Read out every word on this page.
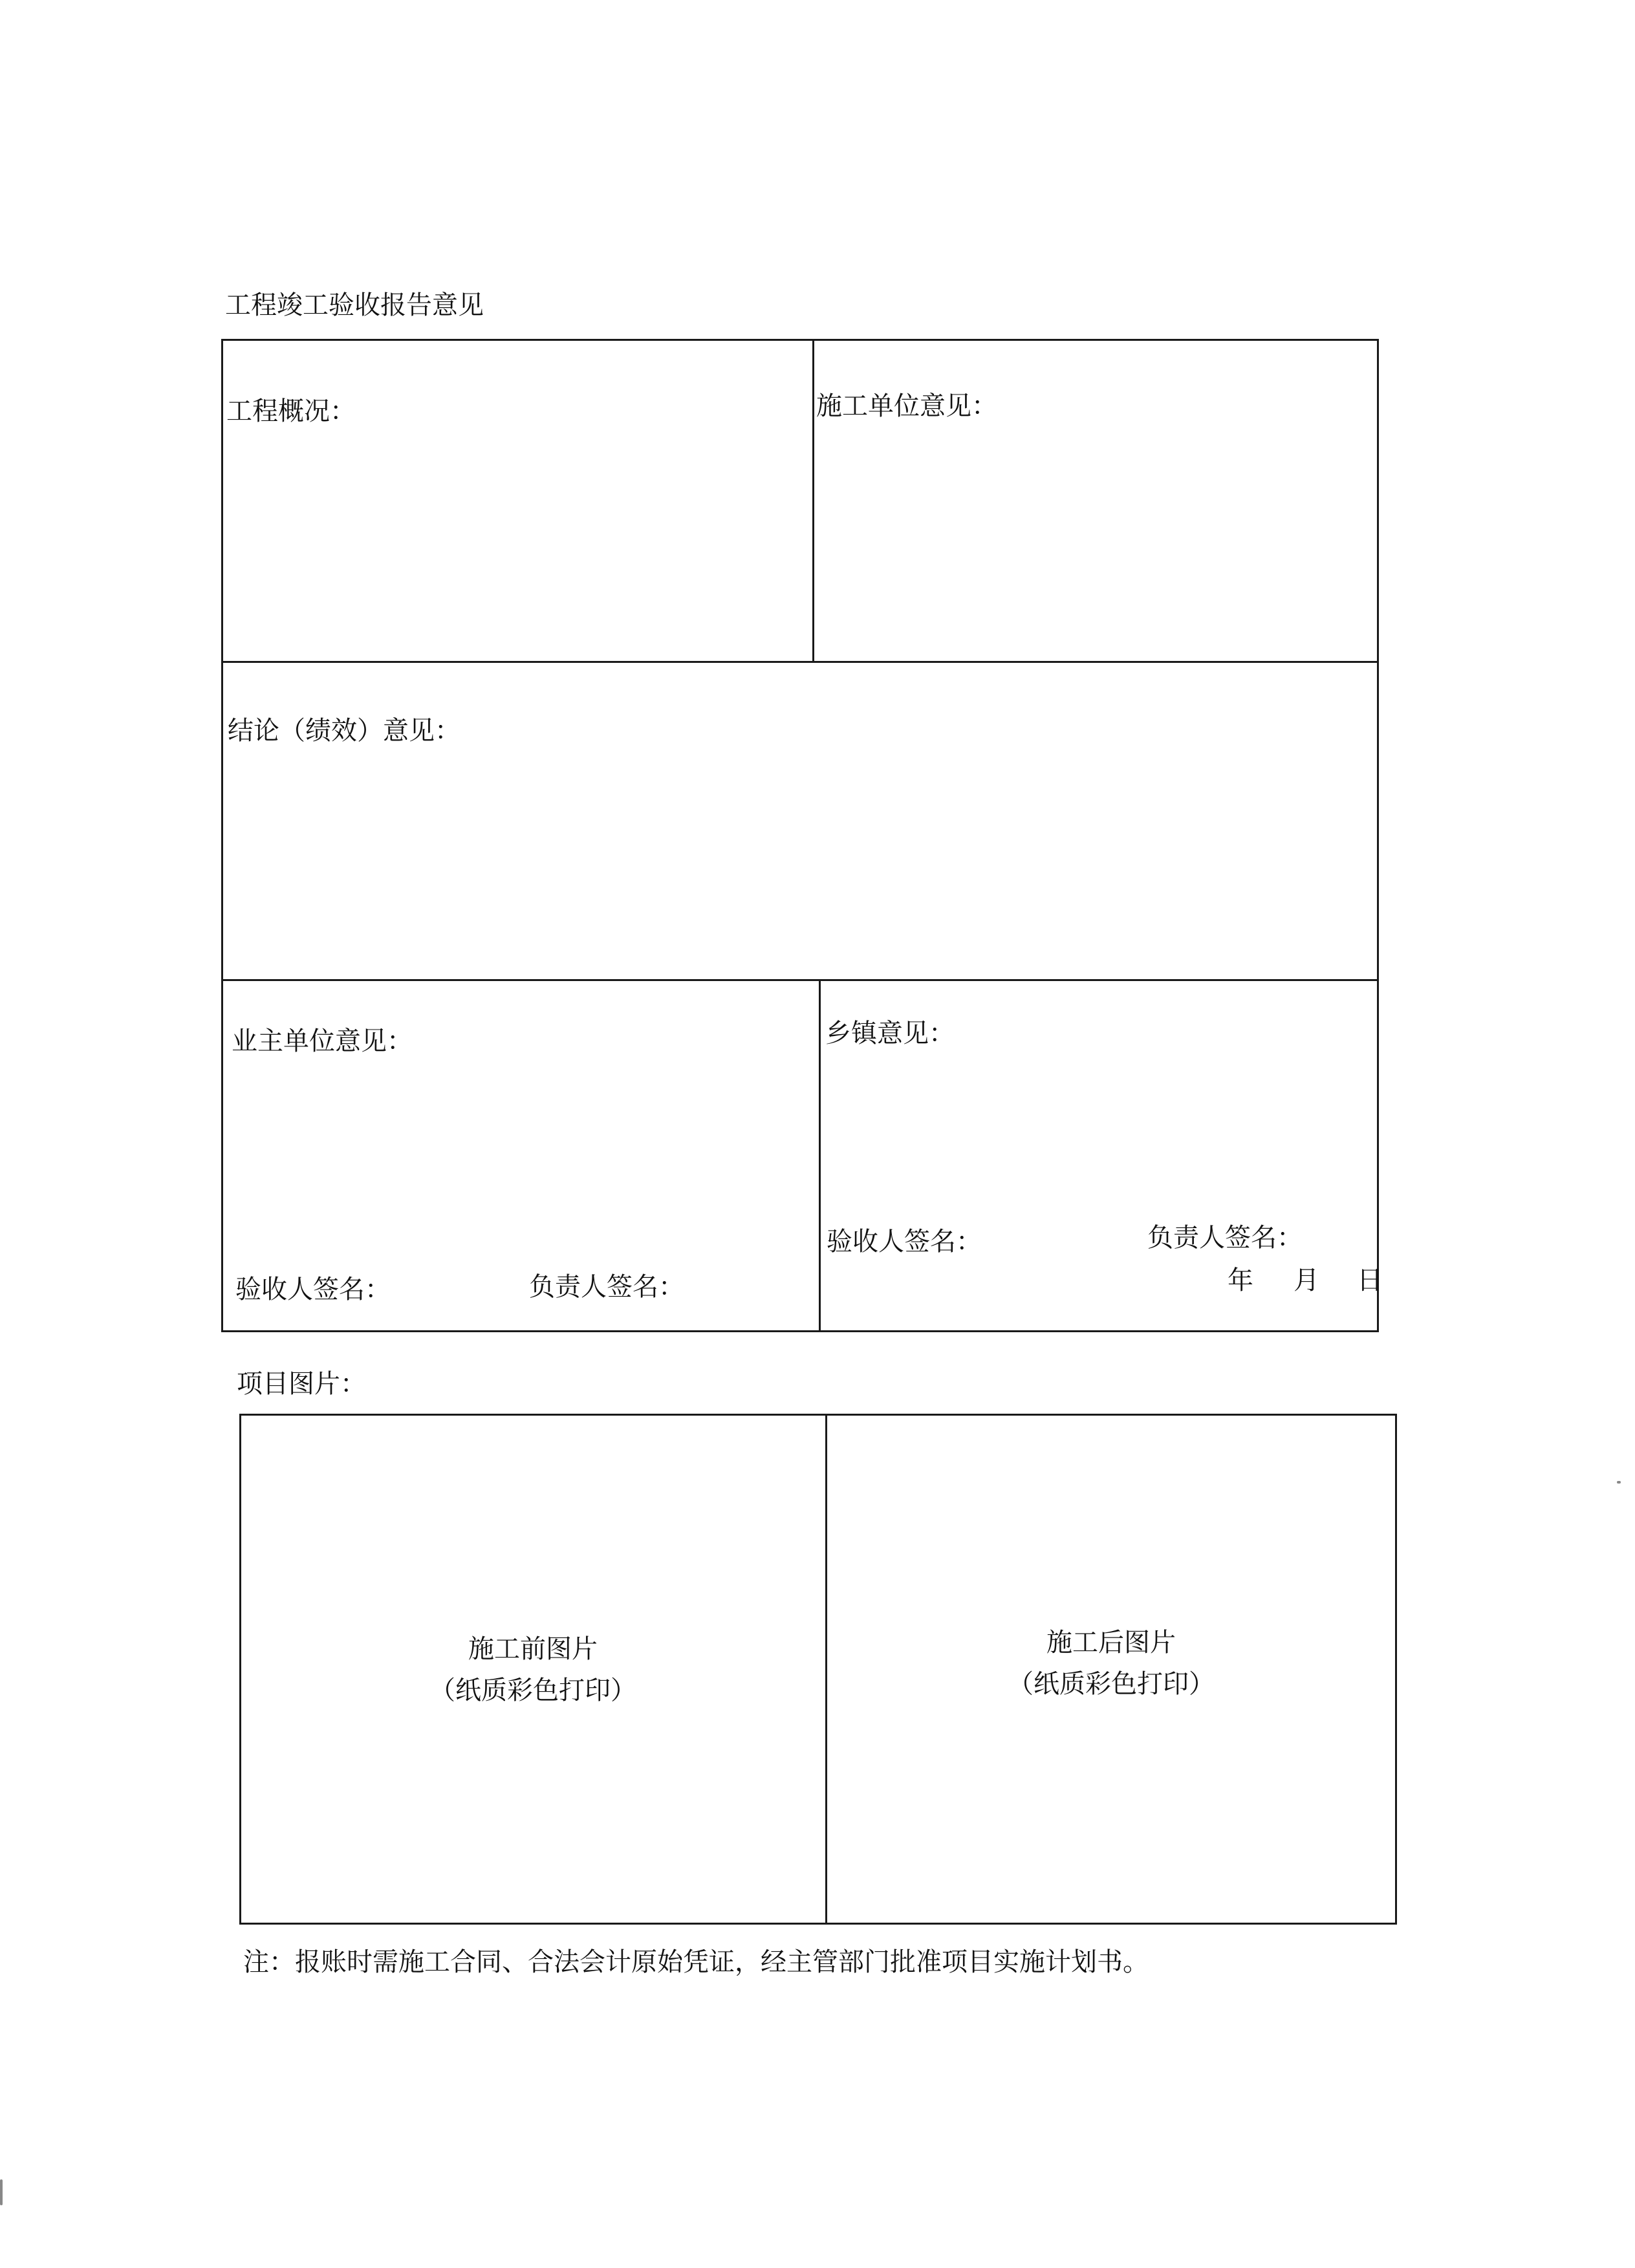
工程竣工验收报告意见
工程概况：	施工单位意见：
结论（绩效）意见：
业主单位意见：	乡镇意见：
验收人签名：	负责人签名：
验收人签名：	负责人签名：
年 月 日
项目图片：
施工前图片
（纸质彩色打印）
施工后图片
（纸质彩色打印）
注：报账时需施工合同、合法会计原始凭证，经主管部门批准项目实施计划书。
